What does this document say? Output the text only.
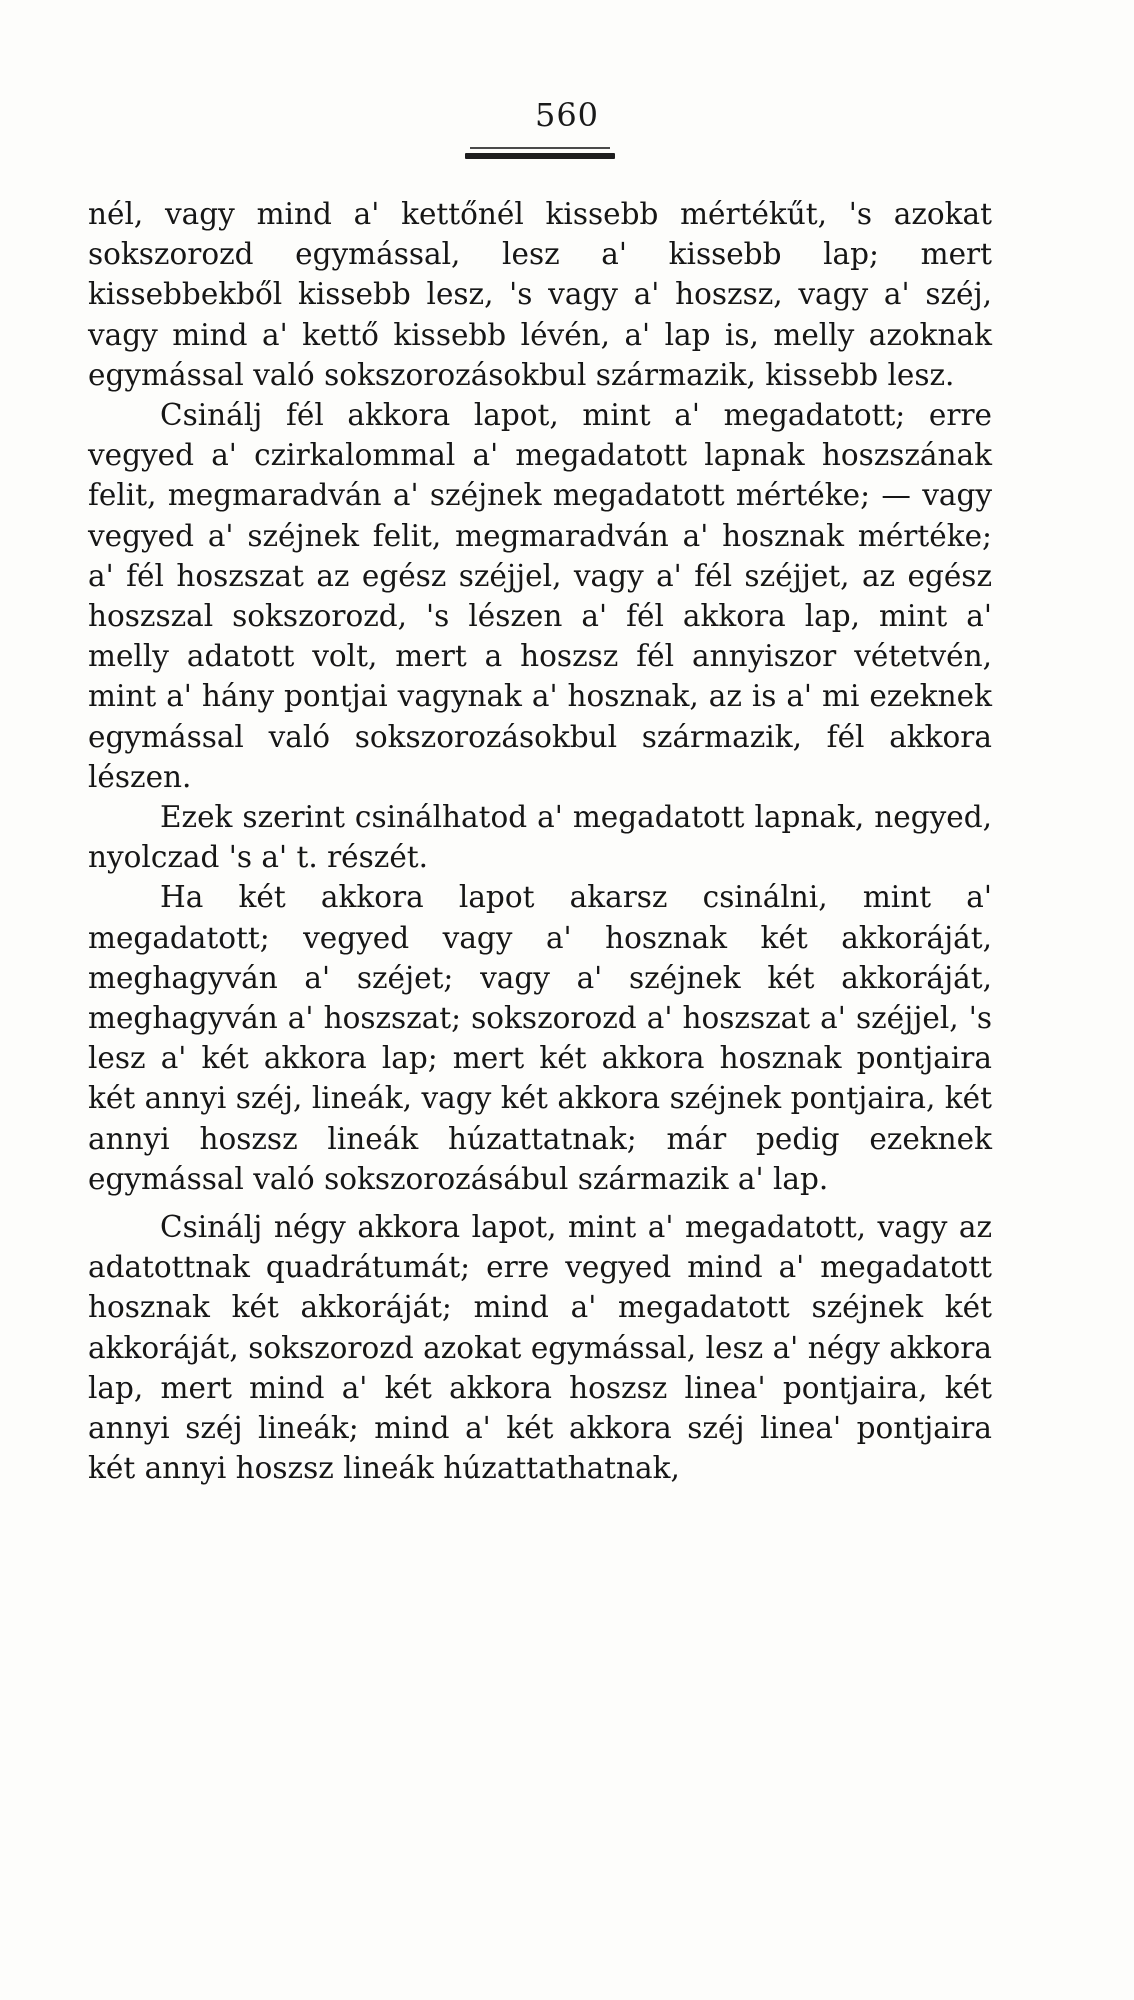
560

nél, vagy mind a' kettőnél kissebb mértékűt, 's azokat sokszorozd egymással, lesz a' kissebb lap; mert kissebbekből kissebb lesz, 's vagy a' hoszsz, vagy a' széj, vagy mind a' kettő kissebb lévén, a' lap is, melly azoknak egymással való sokszorozásokbul származik, kissebb lesz.

Csinálj fél akkora lapot, mint a' megadatott; erre vegyed a' czirkalommal a' megadatott lapnak hoszszának felit, megmaradván a' széjnek megadatott mértéke; — vagy vegyed a' széjnek felit, megmaradván a' hosznak mértéke; a' fél hoszszat az egész széjjel, vagy a' fél széjjet, az egész hoszszal sokszorozd, 's lészen a' fél akkora lap, mint a' melly adatott volt, mert a hoszsz fél annyiszor vétetvén, mint a' hány pontjai vagynak a' hosznak, az is a' mi ezeknek egymással való sokszorozásokbul származik, fél akkora lészen.

Ezek szerint csinálhatod a' megadatott lapnak, negyed, nyolczad 's a' t. részét.

Ha két akkora lapot akarsz csinálni, mint a' megadatott; vegyed vagy a' hosznak két akkoráját, meghagyván a' széjet; vagy a' széjnek két akkoráját, meghagyván a' hoszszat; sokszorozd a' hoszszat a' széjjel, 's lesz a' két akkora lap; mert két akkora hosznak pontjaira két annyi széj, lineák, vagy két akkora széjnek pontjaira, két annyi hoszsz lineák húzattatnak; már pedig ezeknek egymással való sokszorozásábul származik a' lap.

Csinálj négy akkora lapot, mint a' megadatott, vagy az adatottnak quadrátumát; erre vegyed mind a' megadatott hosznak két akkoráját; mind a' megadatott széjnek két akkoráját, sokszorozd azokat egymással, lesz a' négy akkora lap, mert mind a' két akkora hoszsz linea' pontjaira, két annyi széj lineák; mind a' két akkora széj linea' pontjaira két annyi hoszsz lineák húzattathatnak,
